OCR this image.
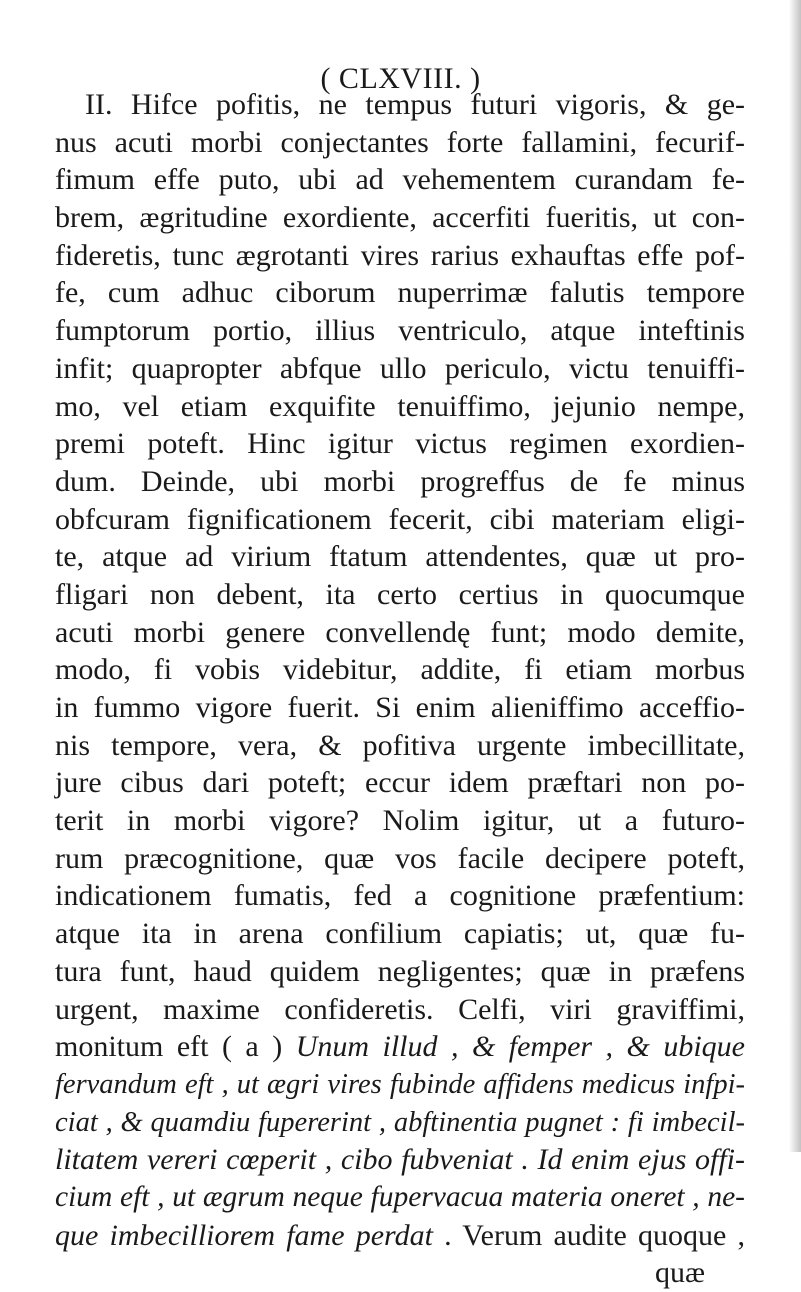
( CLXVIII. )
II. Hifce pofitis, ne tempus futuri vigoris, & ge-
nus acuti morbi conjectantes forte fallamini, fecurif-
fimum effe puto, ubi ad vehementem curandam fe-
brem, ægritudine exordiente, accerfiti fueritis, ut con-
fideretis, tunc ægrotanti vires rarius exhauftas effe pof-
fe, cum adhuc ciborum nuperrimæ falutis tempore
fumptorum portio, illius ventriculo, atque inteftinis
infit; quapropter abfque ullo periculo, victu tenuiffi-
mo, vel etiam exquifite tenuiffimo, jejunio nempe,
premi poteft. Hinc igitur victus regimen exordien-
dum. Deinde, ubi morbi progreffus de fe minus
obfcuram fignificationem fecerit, cibi materiam eligi-
te, atque ad virium ftatum attendentes, quæ ut pro-
fligari non debent, ita certo certius in quocumque
acuti morbi genere convellendę funt; modo demite,
modo, fi vobis videbitur, addite, fi etiam morbus
in fummo vigore fuerit. Si enim alieniffimo acceffio-
nis tempore, vera, & pofitiva urgente imbecillitate,
jure cibus dari poteft; eccur idem præftari non po-
terit in morbi vigore? Nolim igitur, ut a futuro-
rum præcognitione, quæ vos facile decipere poteft,
indicationem fumatis, fed a cognitione præfentium:
atque ita in arena confilium capiatis; ut, quæ fu-
tura funt, haud quidem negligentes; quæ in præfens
urgent, maxime confideretis. Celfi, viri graviffimi,
monitum eft ( a ) Unum illud , & femper , & ubique
fervandum eft , ut ægri vires fubinde affidens medicus infpi-
ciat , & quamdiu fupererint , abftinentia pugnet : fi imbecil-
litatem vereri cœperit , cibo fubveniat . Id enim ejus offi-
cium eft , ut ægrum neque fupervacua materia oneret , ne-
que imbecilliorem fame perdat . Verum audite quoque ,
quæ
